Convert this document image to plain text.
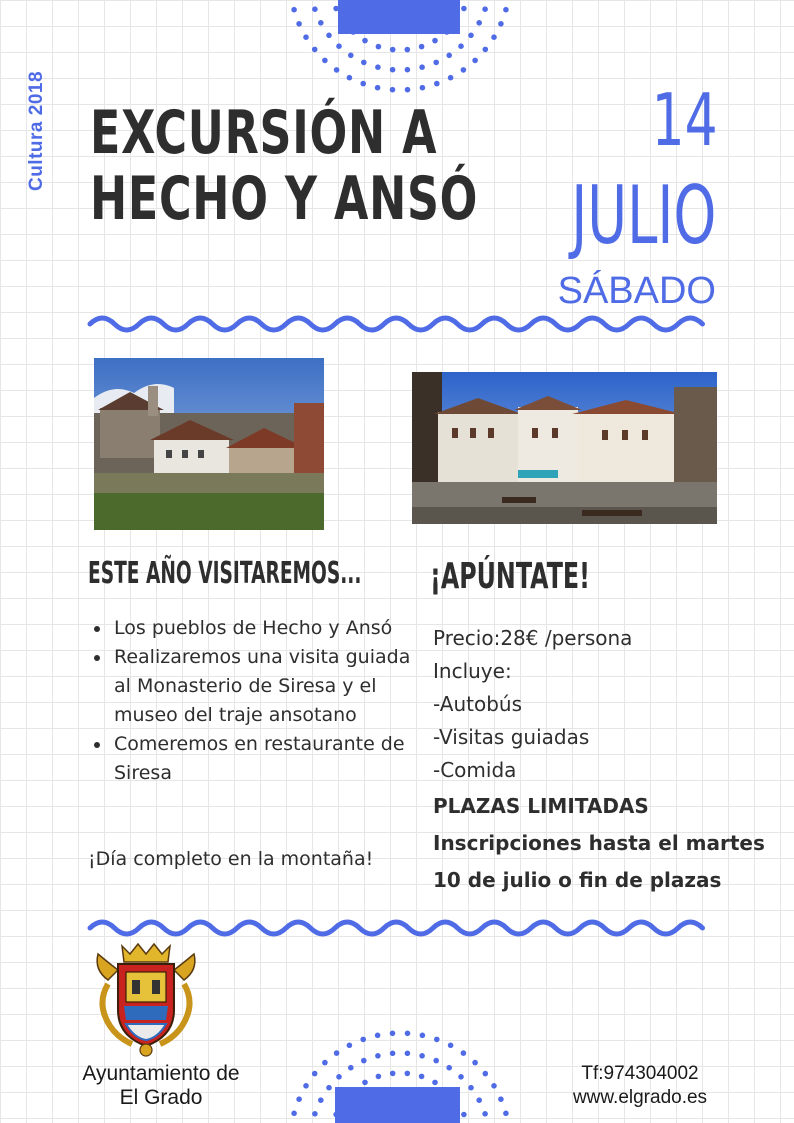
Cultura 2018 EXCURSIÓN A
HECHO Y ANSÓ
14
JULIO
SÁBADO
ESTE AÑO VISITAREMOS... ¡APÚNTATE!
Los pueblos de Hecho y Ansó
Realizaremos una visita guiada al Monasterio de Siresa y el museo del traje ansotano
Comeremos en restaurante de Siresa
¡Día completo en la montaña!
Precio:28€ /persona
Incluye:
-Autobús
-Visitas guiadas
-Comida
PLAZAS LIMITADAS
Inscripciones hasta el martes 10 de julio o fin de plazas
Ayuntamiento de
El Grado
Tf:974304002
www.elgrado.es
